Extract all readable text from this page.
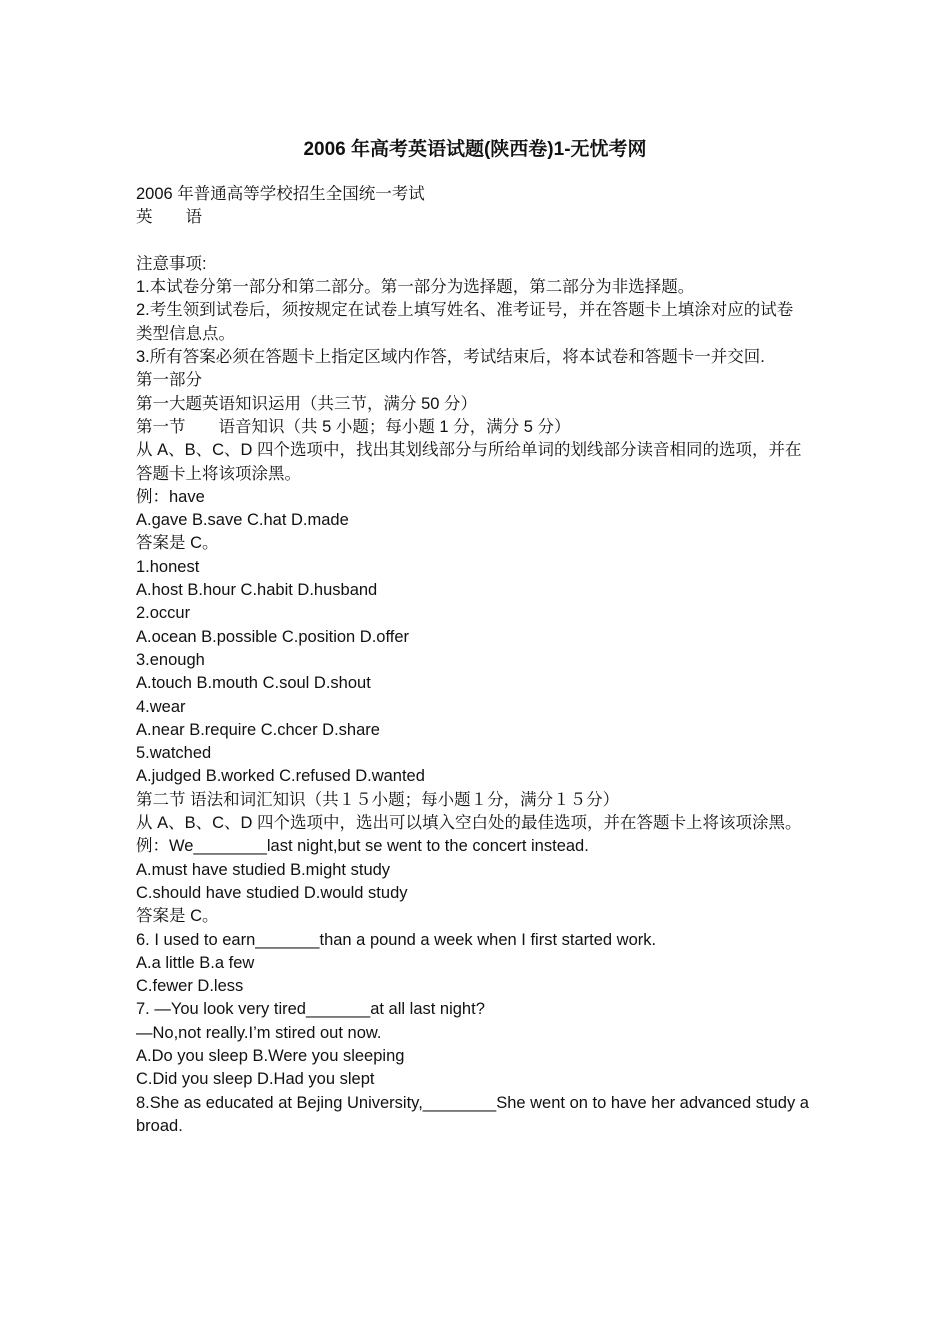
2006 年高考英语试题(陕西卷)1-无忧考网
2006 年普通高等学校招生全国统一考试
英　　语
注意事项:
1.本试卷分第一部分和第二部分。第一部分为选择题，第二部分为非选择题。
2.考生领到试卷后，须按规定在试卷上填写姓名、准考证号，并在答题卡上填涂对应的试卷
类型信息点。
3.所有答案必须在答题卡上指定区域内作答，考试结束后，将本试卷和答题卡一并交回.
第一部分
第一大题英语知识运用（共三节，满分 50 分）
第一节　　语音知识（共 5 小题；每小题 1 分，满分 5 分）
从 A、B、C、D 四个选项中，找出其划线部分与所给单词的划线部分读音相同的选项，并在答题卡上将该项涂黑。
例：have
A.gave B.save C.hat D.made
答案是 C。
1.honest
A.host B.hour C.habit D.husband
2.occur
A.ocean B.possible C.position D.offer
3.enough
A.touch B.mouth C.soul D.shout
4.wear
A.near B.require C.chcer D.share
5.watched
A.judged B.worked C.refused D.wanted
第二节 语法和词汇知识（共１５小题；每小题１分，满分１５分）
从 A、B、C、D 四个选项中，选出可以填入空白处的最佳选项，并在答题卡上将该项涂黑。
例：We________last night,but se went to the concert instead.
A.must have studied B.might study
C.should have studied D.would study
答案是 C。
6. I used to earn_______than a pound a week when I first started work.
A.a little B.a few
C.fewer D.less
7. —You look very tired_______at all last night?
—No,not really.I’m stired out now.
A.Do you sleep B.Were you sleeping
C.Did you sleep D.Had you slept
8.She as educated at Bejing University,________She went on to have her advanced study abroad.
